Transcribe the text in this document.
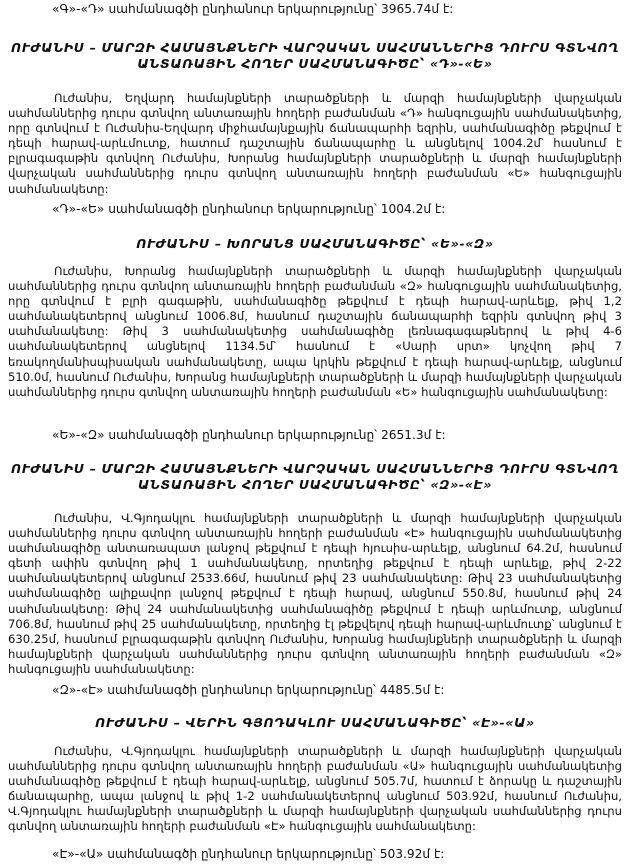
«Գ»-«Դ» սահմանագծի ընդհանուր երկարությունը՝ 3965.74մ է:
ՈՒԺԱՆԻՍ – ՄԱՐԶԻ ՀԱՄԱՅՆՔՆԵՐԻ ՎԱՐՉԱԿԱՆ ՍԱՀՄԱՆՆԵՐԻՑ ԴՈՒՐՍ ԳՏՆՎՈՂ
ԱՆՏԱՌԱՅԻՆ ՀՈՂԵՐ ՍԱՀՄԱՆԱԳԻԾԸ՝ «Դ»-«Ե»

Ուժանիս, Եղվարդ համայնքների տարածքների և մարզի համայնքների վարչական սահմաններից դուրս գտնվող անտառային հողերի բաժանման «Դ» հանգուցային սահմանակետից, որը գտնվում է Ուժանիս-Եղվարդ միջհամայնքային ճանապարհի եզրին, սահմանագիծը թեքվում է դեպի հարավ-արևմուտք, հատում դաշտային ճանապարհը և անցնելով 1004.2մ՝ հասնում է բլրագագաթին գտնվող Ուժանիս, Խորանց համայնքների տարածքների և մարզի համայնքների վարչական սահմաններից դուրս գտնվող անտառային հողերի բաժանման «Ե» հանգուցային սահմանակետը:

«Դ»-«Ե» սահմանագծի ընդհանուր երկարությունը՝ 1004.2մ է:
ՈՒԺԱՆԻՍ – ԽՈՐԱՆՑ ՍԱՀՄԱՆԱԳԻԾԸ՝ «Ե»-«Զ»

Ուժանիս, Խորանց համայնքների տարածքների և մարզի համայնքների վարչական սահմաններից դուրս գտնվող անտառային հողերի բաժանման «Զ» հանգուցային սահմանակետից, որը գտնվում է բլրի գագաթին, սահմանագիծը թեքվում է դեպի հարավ-արևելք, թիվ 1,2 սահմանակետերով անցնում 1006.8մ, հասնում դաշտային ճանապարհի եզրին գտնվող թիվ 3 սահմանակետը: Թիվ 3 սահմանակետից սահմանագիծը լեռնագագաթներով և թիվ 4-6 սահմանակետերով անցնելով 1134.5մ՝ հասնում է «Սարի սրտ» կոչվող թիվ 7 եռակողմանիսպիսական սահմանակետը, ապա կրկին թեքվում է դեպի հարավ-արևելք, անցնում 510.0մ, հասնում Ուժանիս, Խորանց համայնքների տարածքների և մարզի համայնքների վարչական սահմաններից դուրս գտնվող անտառային հողերի բաժանման «Ե» հանգուցային սահմանակետը:

«Ե»-«Զ» սահմանագծի ընդհանուր երկարությունը՝ 2651.3մ է:
ՈՒԺԱՆԻՍ – ՄԱՐԶԻ ՀԱՄԱՅՆՔՆԵՐԻ ՎԱՐՉԱԿԱՆ ՍԱՀՄԱՆՆԵՐԻՑ ԴՈՒՐՍ ԳՏՆՎՈՂ
ԱՆՏԱՌԱՅԻՆ ՀՈՂԵՐ ՍԱՀՄԱՆԱԳԻԾԸ՝ «Զ»-«Է»

Ուժանիս, Վ.Գյոդակլու համայնքների տարածքների և մարզի համայնքների վարչական սահմաններից դուրս գտնվող անտառային հողերի բաժանման «Է» հանգուցային սահմանակետից սահմանագիծը անտառապատ լանջով թեքվում է դեպի հյուսիս-արևելք, անցնում 64.2մ, հասնում գետի ափին գտնվող թիվ 1 սահմանակետը, որտեղից թեքվում է դեպի արևելք, թիվ 2-22 սահմանակետերով անցնում 2533.66մ, հասնում թիվ 23 սահմանակետը: Թիվ 23 սահմանակետից սահմանագիծը ալիքավոր լանջով թեքվում է դեպի հարավ, անցնում 550.8մ, հասնում թիվ 24 սահմանակետը: Թիվ 24 սահմանակետից սահմանագիծը թեքվում է դեպի արևմուտք, անցնում 706.8մ, հասնում թիվ 25 սահմանակետը, որտեղից էլ թեքվելով դեպի հարավ-արևմուտք՝ անցնում է 630.25մ, հասնում բլրագագաթին գտնվող Ուժանիս, Խորանց համայնքների տարածքների և մարզի համայնքների վարչական սահմաններից դուրս գտնվող անտառային հողերի բաժանման «Զ» հանգուցային սահմանակետը:

«Զ»-«Է» սահմանագծի ընդհանուր երկարությունը՝ 4485.5մ է:
ՈՒԺԱՆԻՍ – ՎԵՐԻՆ ԳՅՈԴԱԿԼՈՒ ՍԱՀՄԱՆԱԳԻԾԸ՝ «Է»-«Ա»

Ուժանիս, Վ.Գյոդակլու համայնքների տարածքների և մարզի համայնքների վարչական սահմաններից դուրս գտնվող անտառային հողերի բաժանման «Ա» հանգուցային սահմանակետից սահմանագիծը թեքվում է դեպի հարավ-արևելք, անցնում 505.7մ, հատում է ձորակը և դաշտային ճանապարհը, ապա լանջով և թիվ 1-2 սահմանակետերով անցնում 503.92մ, հասնում Ուժանիս, Վ.Գյոդակլու համայնքների տարածքների և մարզի համայնքների վարչական սահմաններից դուրս գտնվող անտառային հողերի բաժանման «Է» հանգուցային սահմանակետը:

«Է»-«Ա» սահմանագծի ընդհանուր երկարությունը՝ 503.92մ է:
